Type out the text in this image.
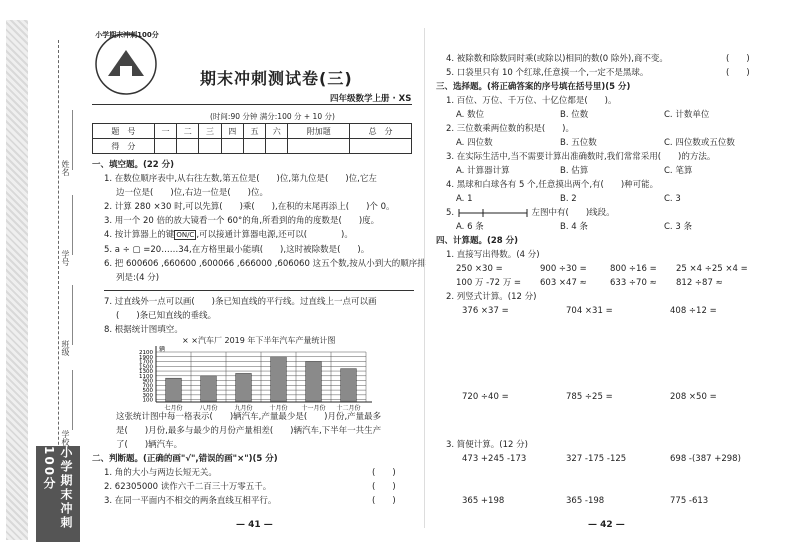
姓名
学号
班级
学校
小学期末冲刺100分
小学期末冲刺100分
期末冲刺测试卷(三)
四年级数学上册 · XS
(时间:90 分钟 满分:100 分 + 10 分)
题　号	一	二	三	四	五	六	附加题	总　分
得　分								
一、填空题。(22 分)
1. 在数位顺序表中,从右往左数,第五位是(　　)位,第九位是(　　)位,它左
边一位是(　　)位,右边一位是(　　)位。
2. 计算 280 ×30 时,可以先算(　　)乘(　　),在积的末尾再添上(　　)个 0。
3. 用一个 20 倍的放大镜看一个 60°的角,所看到的角的度数是(　　)度。
4. 按计算器上的键 ON/C ,可以接通计算器电源,还可以(　　　　)。
5. a ÷ ▢ =20……34,在方格里最小能填(　　),这时被除数是(　　)。
6. 把 600606 ,660600 ,600066 ,666000 ,606060 这五个数,按从小到大的顺序排
列是:(4 分)
7. 过直线外一点可以画(　　)条已知直线的平行线。过直线上一点可以画
(　　)条已知直线的垂线。
8. 根据统计图填空。
× ×汽车厂 2019 年下半年汽车产量统计图
100
300
500
700
900
1100
1300
1500
1700
1900
2100 辆
七月份	八月份	九月份	十月份 十一月份 十二月份
这张统计图中每一格表示(　　)辆汽车,产量最少是(　　)月份,产量最多
是(　　)月份,最多与最少的月份产量相差(　　)辆汽车,下半年一共生产
了(　　)辆汽车。
二、判断题。(正确的画"√",错误的画"×")(5 分)
1. 角的大小与两边长短无关。	(　　)
2. 62305000 读作六千二百三十万零五千。	(　　)
3. 在同一平面内不相交的两条直线互相平行。	(　　)
— 41 —
4. 被除数和除数同时乘(或除以)相同的数(0 除外),商不变。	(　　)
5. 口袋里只有 10 个红球,任意摸一个,一定不是黑球。	(　　)
三、选择题。(将正确答案的序号填在括号里)(5 分)
1. 百位、万位、千万位、十亿位都是(　　)。
A. 数位	B. 位数	C. 计数单位
2. 三位数乘两位数的积是(　　)。
A. 四位数	B. 五位数	C. 四位数或五位数
3. 在实际生活中,当不需要计算出准确数时,我们常常采用(　　)的方法。
A. 计算器计算	B. 估算	C. 笔算
4. 黑球和白球各有 5 个,任意摸出两个,有(　　)种可能。
A. 1	B. 2	C. 3
5.	左图中有(　　)线段。
A. 6 条	B. 4 条	C. 3 条
四、计算题。(28 分)
1. 直接写出得数。(4 分)
250 ×30 =	900 ÷30 =	800 ÷16 = 25 ×4 ÷25 ×4 =
100 万 -72 万 = 603 ×47 ≈	633 ÷70 ≈ 812 ÷87 ≈
2. 列竖式计算。(12 分)
376 ×37 =	704 ×31 =	408 ÷12 =
720 ÷40 =	785 ÷25 =	208 ×50 =
3. 简便计算。(12 分)
473 +245 -173	327 -175 -125	698 -(387 +298)
365 +198	365 -198	775 -613
— 42 —
